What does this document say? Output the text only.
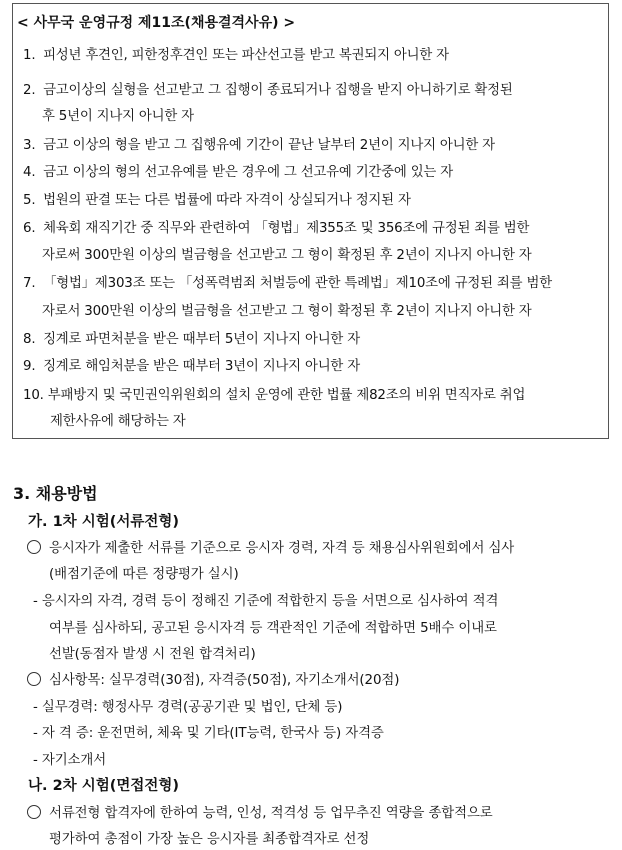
< 사무국 운영규정 제11조(채용결격사유) >
1. 피성년 후견인, 피한정후견인 또는 파산선고를 받고 복권되지 아니한 자
2. 금고이상의 실형을 선고받고 그 집행이 종료되거나 집행을 받지 아니하기로 확정된
후 5년이 지나지 아니한 자
3. 금고 이상의 형을 받고 그 집행유예 기간이 끝난 날부터 2년이 지나지 아니한 자
4. 금고 이상의 형의 선고유예를 받은 경우에 그 선고유예 기간중에 있는 자
5. 법원의 판결 또는 다른 법률에 따라 자격이 상실되거나 정지된 자
6. 체육회 재직기간 중 직무와 관련하여 「형법」제355조 및 356조에 규정된 죄를 범한
자로써 300만원 이상의 벌금형을 선고받고 그 형이 확정된 후 2년이 지나지 아니한 자
7. 「형법」제303조 또는 「성폭력범죄 처벌등에 관한 특례법」제10조에 규정된 죄를 범한
자로서 300만원 이상의 벌금형을 선고받고 그 형이 확정된 후 2년이 지나지 아니한 자
8. 징계로 파면처분을 받은 때부터 5년이 지나지 아니한 자
9. 징계로 해임처분을 받은 때부터 3년이 지나지 아니한 자
10. 부패방지 및 국민권익위원회의 설치 운영에 관한 법률 제82조의 비위 면직자로 취업
제한사유에 해당하는 자
3. 채용방법
가. 1차 시험(서류전형)
응시자가 제출한 서류를 기준으로 응시자 경력, 자격 등 채용심사위원회에서 심사
(배점기준에 따른 정량평가 실시)
- 응시자의 자격, 경력 등이 정해진 기준에 적합한지 등을 서면으로 심사하여 적격
여부를 심사하되, 공고된 응시자격 등 객관적인 기준에 적합하면 5배수 이내로
선발(동점자 발생 시 전원 합격처리)
심사항목: 실무경력(30점), 자격증(50점), 자기소개서(20점)
- 실무경력: 행정사무 경력(공공기관 및 법인, 단체 등)
- 자 격 증: 운전면허, 체육 및 기타(IT능력, 한국사 등) 자격증
- 자기소개서
나. 2차 시험(면접전형)
서류전형 합격자에 한하여 능력, 인성, 적격성 등 업무추진 역량을 종합적으로
평가하여 총점이 가장 높은 응시자를 최종합격자로 선정
